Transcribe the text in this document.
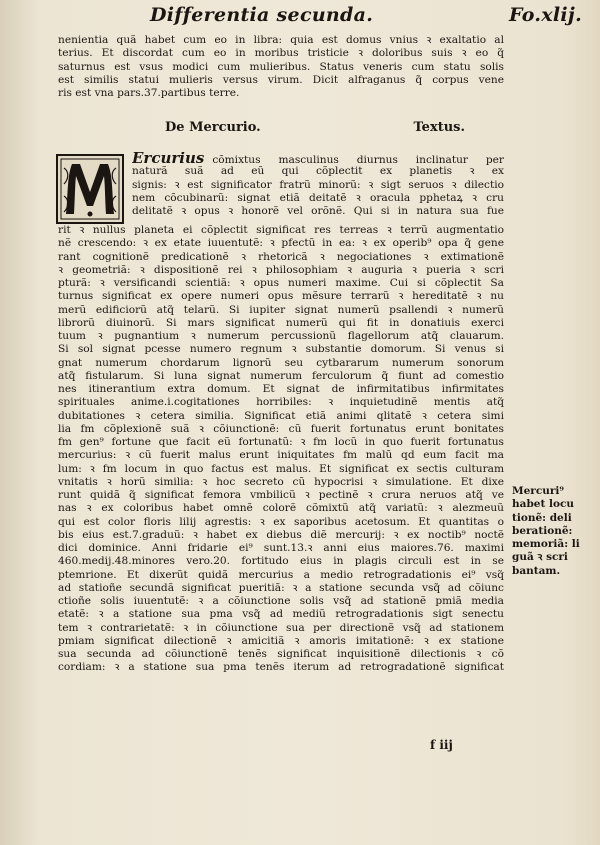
Differentia secunda.	Fo.xlij.
nenientia quã habet cum eo in libra: quia est domus vnius ꝛ exaltatio al
terius. Et discordat cum eo in moribus tristicie ꝛ doloribus suis ꝛ eo q̃
saturnus est vsus modici cum mulieribus. Status veneris cum statu solis
est similis statui mulieris versus virum. Dicit alfraganus q̃ corpus vene
ris est vna pars.37.partibus terre.
De Mercurio.	Textus.
Ercurius cõmixtus masculinus diurnus inclinatur per
naturã suã ad eũ qui cõplectit̃ ex planetis ꝛ ex
signis: ꝛ est significator fratrũ minorũ: ꝛ sigt seruos ꝛ dilectio
nem cõcubinarũ: signat etiã deitatẽ ꝛ oracula pphetaꝝ ꝛ cru
delitatẽ ꝛ opus ꝛ honorẽ vel orõnẽ. Qui si in natura sua fue
rit ꝛ nullus planeta ei cõplectit̃ significat res terreas ꝛ terrũ augmentatio
nẽ crescendo: ꝛ ex etate iuuentutẽ: ꝛ pfectũ in ea: ꝛ ex operib⁹ opa q̃ gene
rant cognitionẽ predicationẽ ꝛ rhetoricã ꝛ negociationes ꝛ extimationẽ
ꝛ geometriã: ꝛ dispositionẽ rei ꝛ philosophiam ꝛ auguria ꝛ pueria ꝛ scri
pturã: ꝛ versificandi scientiã: ꝛ opus numeri maxime. Cui si cõplectit̃ Sa
turnus significat ex opere numeri opus mẽsure terrarũ ꝛ hereditatẽ ꝛ nu
merũ edificiorũ atq̃ telarũ. Si iupiter signat numerũ psallendi ꝛ numerũ
librorũ diuinorũ. Si mars significat numerũ qui fit in donatiuis exerci
tuum ꝛ pugnantium ꝛ numerum percussionũ flagellorum atq̃ clauarum.
Si sol signat pcesse numero regnum ꝛ substantie domorum. Si venus si
gnat numerum chordarum lignorũ seu cytbararum numerum sonorum
atq̃ fistularum. Si luna signat numerum ferculorum q̃ fiunt ad comestio
nes itinerantium extra domum. Et signat de infirmitatibus infirmitates
spirituales anime.i.cogitationes horribiles: ꝛ inquietudinẽ mentis atq̃
dubitationes ꝛ cetera similia. Significat etiã animi qlitatẽ ꝛ cetera simi
lia fm cõplexionẽ suã ꝛ cõiunctionẽ: cũ fuerit fortunatus erunt bonitates
fm gen⁹ fortune que facit eũ fortunatũ: ꝛ fm locũ in quo fuerit fortunatus
mercurius: ꝛ cũ fuerit malus erunt iniquitates fm malũ qd̃ eum facit ma
lum: ꝛ fm locum in quo factus est malus. Et significat ex sectis culturam
vnitatis ꝛ horũ similia: ꝛ hoc secreto cũ hypocrisi ꝛ simulatione. Et dixe
runt quidã q̃ significat femora vmbilicũ ꝛ pectinẽ ꝛ crura neruos atq̃ ve
nas ꝛ ex coloribus habet omnẽ colorẽ cõmixtũ atq̃ variatũ: ꝛ alezmeuũ
qui est color floris lilij agrestis: ꝛ ex saporibus acetosum. Et quantitas o
bis eius est.7.graduũ: ꝛ habet ex diebus diẽ mercurij: ꝛ ex noctib⁹ noctẽ
dici dominice. Anni fridarie ei⁹ sunt.13.ꝛ anni eius maiores.76. maximi
460.medij.48.minores vero.20. fortitudo eius in plagis circuli est in se
ptemrione. Et dixerũt quidã mercurius a medio retrogradationis ei⁹ vsq̃
ad statioñe secundã significat pueritiã: ꝛ a statione secunda vsq̃ ad cõiunc
ctioñe solis iuuentutẽ: ꝛ a cõiunctione solis vsq̃ ad stationẽ pmiã media
etatẽ: ꝛ a statione sua pma vsq̃ ad mediũ retrogradationis sigt senectu
tem ꝛ contrarietatẽ: ꝛ in cõiunctione sua per directionẽ vsq̃ ad stationem
pmiam significat dilectionẽ ꝛ amicitiã ꝛ amoris imitationẽ: ꝛ ex statione
sua secunda ad cõiunctionẽ tenẽs significat inquisitionẽ dilectionis ꝛ cõ
cordiam: ꝛ a statione sua pma tenẽs iterum ad retrogradationẽ significat
Mercuri⁹
habet locu
tionẽ: deli
berationẽ:
memoriã: li
guã ꝛ scri
bantam.
f iij
